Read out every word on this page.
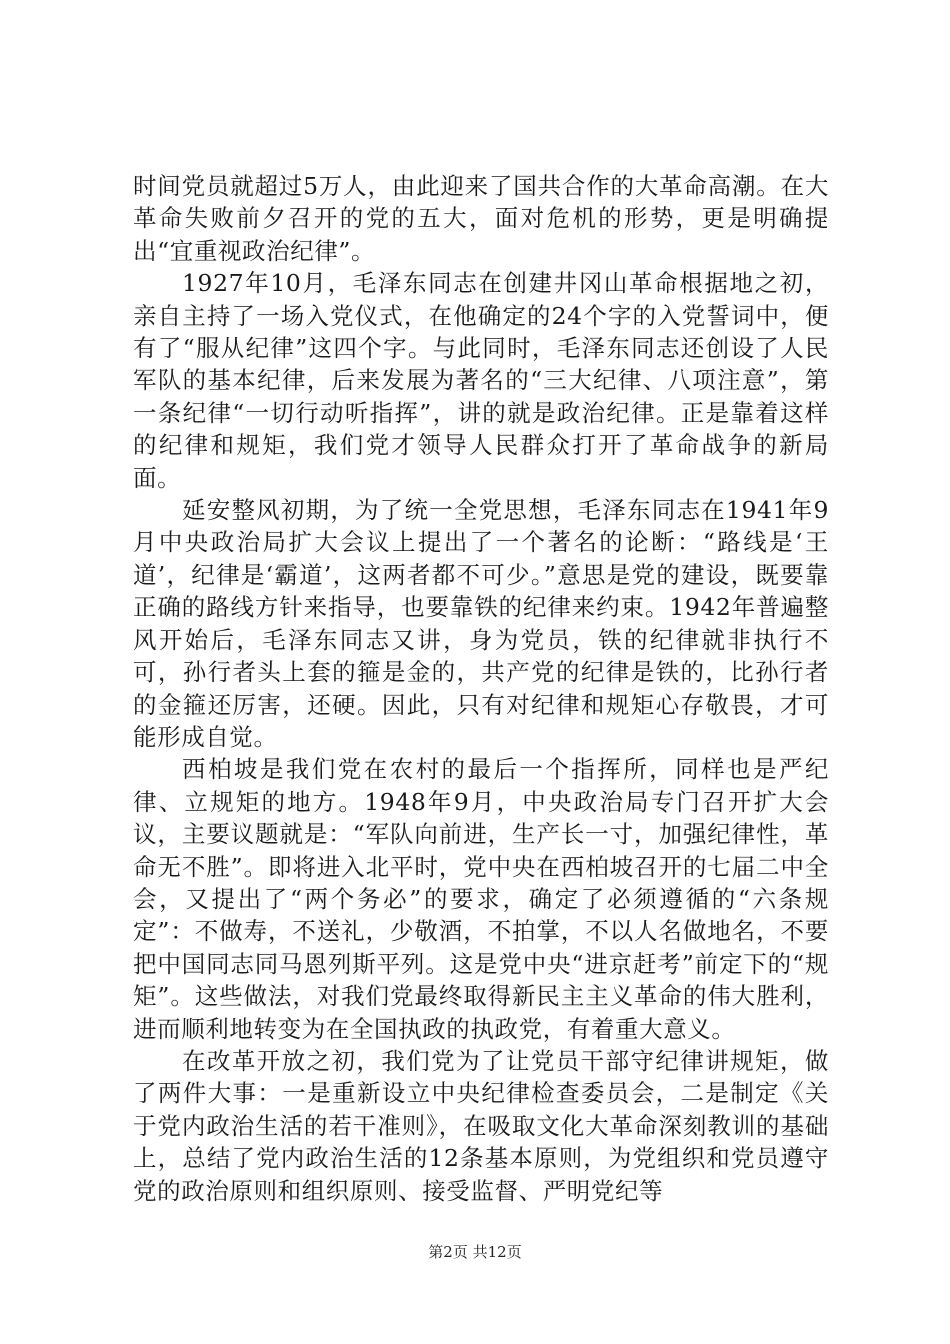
时间党员就超过5万人，由此迎来了国共合作的大革命高潮。在大革命失败前夕召开的党的五大，面对危机的形势，更是明确提出“宜重视政治纪律”。

1927年10月，毛泽东同志在创建井冈山革命根据地之初，亲自主持了一场入党仪式，在他确定的24个字的入党誓词中，便有了“服从纪律”这四个字。与此同时，毛泽东同志还创设了人民军队的基本纪律，后来发展为著名的“三大纪律、八项注意”，第一条纪律“一切行动听指挥”，讲的就是政治纪律。正是靠着这样的纪律和规矩，我们党才领导人民群众打开了革命战争的新局面。

延安整风初期，为了统一全党思想，毛泽东同志在1941年9月中央政治局扩大会议上提出了一个著名的论断：“路线是‘王道’，纪律是‘霸道’，这两者都不可少。”意思是党的建设，既要靠正确的路线方针来指导，也要靠铁的纪律来约束。1942年普遍整风开始后，毛泽东同志又讲，身为党员，铁的纪律就非执行不可，孙行者头上套的箍是金的，共产党的纪律是铁的，比孙行者的金箍还厉害，还硬。因此，只有对纪律和规矩心存敬畏，才可能形成自觉。

西柏坡是我们党在农村的最后一个指挥所，同样也是严纪律、立规矩的地方。1948年9月，中央政治局专门召开扩大会议，主要议题就是：“军队向前进，生产长一寸，加强纪律性，革命无不胜”。即将进入北平时，党中央在西柏坡召开的七届二中全会，又提出了“两个务必”的要求，确定了必须遵循的“六条规定”：不做寿，不送礼，少敬酒，不拍掌，不以人名做地名，不要把中国同志同马恩列斯平列。这是党中央“进京赶考”前定下的“规矩”。这些做法，对我们党最终取得新民主主义革命的伟大胜利，进而顺利地转变为在全国执政的执政党，有着重大意义。

在改革开放之初，我们党为了让党员干部守纪律讲规矩，做了两件大事：一是重新设立中央纪律检查委员会，二是制定《关于党内政治生活的若干准则》，在吸取文化大革命深刻教训的基础上，总结了党内政治生活的12条基本原则，为党组织和党员遵守党的政治原则和组织原则、接受监督、严明党纪等

第2页 共12页
